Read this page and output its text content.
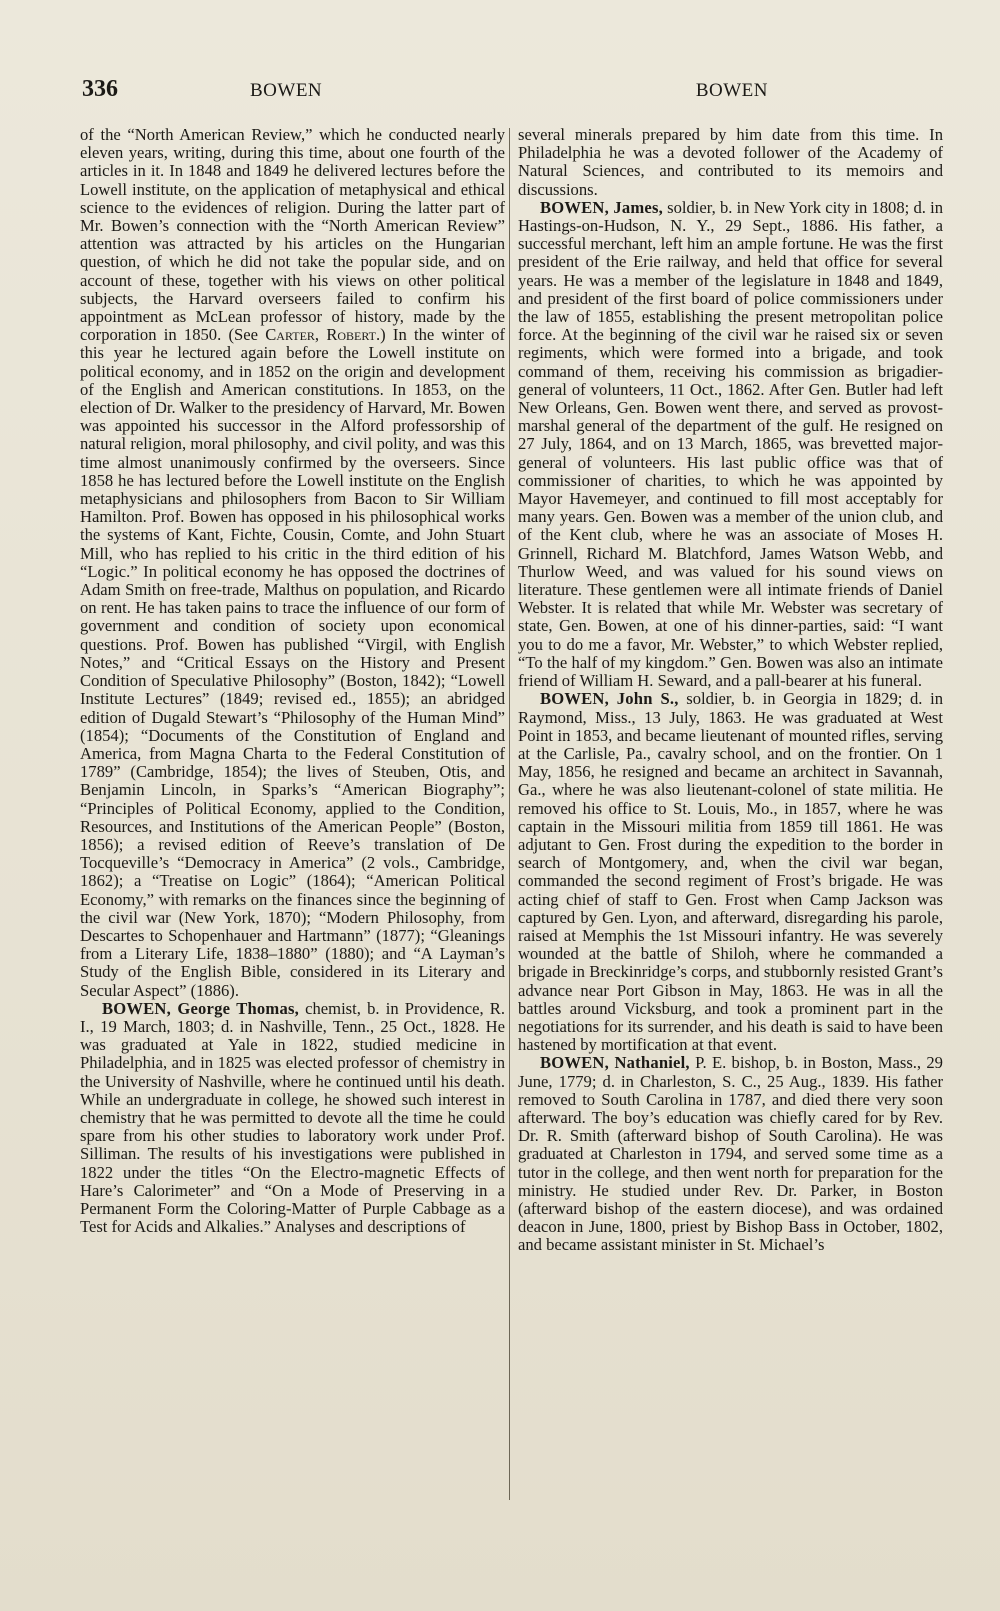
336	BOWEN	BOWEN

of the “North American Review,” which he conducted nearly eleven years, writing, during this time, about one fourth of the articles in it. In 1848 and 1849 he delivered lectures before the Lowell institute, on the application of metaphysical and ethical science to the evidences of religion. During the latter part of Mr. Bowen’s connection with the “North American Review” attention was attracted by his articles on the Hungarian question, of which he did not take the popular side, and on account of these, together with his views on other political subjects, the Harvard overseers failed to confirm his appointment as McLean professor of history, made by the corporation in 1850. (See Carter, Robert.) In the winter of this year he lectured again before the Lowell institute on political economy, and in 1852 on the origin and development of the English and American constitutions. In 1853, on the election of Dr. Walker to the presidency of Harvard, Mr. Bowen was appointed his successor in the Alford professorship of natural religion, moral philosophy, and civil polity, and was this time almost unanimously confirmed by the overseers. Since 1858 he has lectured before the Lowell institute on the English metaphysicians and philosophers from Bacon to Sir William Hamilton. Prof. Bowen has opposed in his philosophical works the systems of Kant, Fichte, Cousin, Comte, and John Stuart Mill, who has replied to his critic in the third edition of his “Logic.” In political economy he has opposed the doctrines of Adam Smith on free-trade, Malthus on population, and Ricardo on rent. He has taken pains to trace the influence of our form of government and condition of society upon economical questions. Prof. Bowen has published “Virgil, with English Notes,” and “Critical Essays on the History and Present Condition of Speculative Philosophy” (Boston, 1842); “Lowell Institute Lectures” (1849; revised ed., 1855); an abridged edition of Dugald Stewart’s “Philosophy of the Human Mind” (1854); “Documents of the Constitution of England and America, from Magna Charta to the Federal Constitution of 1789” (Cambridge, 1854); the lives of Steuben, Otis, and Benjamin Lincoln, in Sparks’s “American Biography”; “Principles of Political Economy, applied to the Condition, Resources, and Institutions of the American People” (Boston, 1856); a revised edition of Reeve’s translation of De Tocqueville’s “Democracy in America” (2 vols., Cambridge, 1862); a “Treatise on Logic” (1864); “American Political Economy,” with remarks on the finances since the beginning of the civil war (New York, 1870); “Modern Philosophy, from Descartes to Schopenhauer and Hartmann” (1877); “Gleanings from a Literary Life, 1838–1880” (1880); and “A Layman’s Study of the English Bible, considered in its Literary and Secular Aspect” (1886).

BOWEN, George Thomas, chemist, b. in Providence, R. I., 19 March, 1803; d. in Nashville, Tenn., 25 Oct., 1828. He was graduated at Yale in 1822, studied medicine in Philadelphia, and in 1825 was elected professor of chemistry in the University of Nashville, where he continued until his death. While an undergraduate in college, he showed such interest in chemistry that he was permitted to devote all the time he could spare from his other studies to laboratory work under Prof. Silliman. The results of his investigations were published in 1822 under the titles “On the Electro-magnetic Effects of Hare’s Calorimeter” and “On a Mode of Preserving in a Permanent Form the Coloring-Matter of Purple Cabbage as a Test for Acids and Alkalies.” Analyses and descriptions of

several minerals prepared by him date from this time. In Philadelphia he was a devoted follower of the Academy of Natural Sciences, and contributed to its memoirs and discussions.

BOWEN, James, soldier, b. in New York city in 1808; d. in Hastings-on-Hudson, N. Y., 29 Sept., 1886. His father, a successful merchant, left him an ample fortune. He was the first president of the Erie railway, and held that office for several years. He was a member of the legislature in 1848 and 1849, and president of the first board of police commissioners under the law of 1855, establishing the present metropolitan police force. At the beginning of the civil war he raised six or seven regiments, which were formed into a brigade, and took command of them, receiving his commission as brigadier-general of volunteers, 11 Oct., 1862. After Gen. Butler had left New Orleans, Gen. Bowen went there, and served as provost-marshal general of the department of the gulf. He resigned on 27 July, 1864, and on 13 March, 1865, was brevetted major-general of volunteers. His last public office was that of commissioner of charities, to which he was appointed by Mayor Havemeyer, and continued to fill most acceptably for many years. Gen. Bowen was a member of the union club, and of the Kent club, where he was an associate of Moses H. Grinnell, Richard M. Blatchford, James Watson Webb, and Thurlow Weed, and was valued for his sound views on literature. These gentlemen were all intimate friends of Daniel Webster. It is related that while Mr. Webster was secretary of state, Gen. Bowen, at one of his dinner-parties, said: “I want you to do me a favor, Mr. Webster,” to which Webster replied, “To the half of my kingdom.” Gen. Bowen was also an intimate friend of William H. Seward, and a pall-bearer at his funeral.

BOWEN, John S., soldier, b. in Georgia in 1829; d. in Raymond, Miss., 13 July, 1863. He was graduated at West Point in 1853, and became lieutenant of mounted rifles, serving at the Carlisle, Pa., cavalry school, and on the frontier. On 1 May, 1856, he resigned and became an architect in Savannah, Ga., where he was also lieutenant-colonel of state militia. He removed his office to St. Louis, Mo., in 1857, where he was captain in the Missouri militia from 1859 till 1861. He was adjutant to Gen. Frost during the expedition to the border in search of Montgomery, and, when the civil war began, commanded the second regiment of Frost’s brigade. He was acting chief of staff to Gen. Frost when Camp Jackson was captured by Gen. Lyon, and afterward, disregarding his parole, raised at Memphis the 1st Missouri infantry. He was severely wounded at the battle of Shiloh, where he commanded a brigade in Breckinridge’s corps, and stubbornly resisted Grant’s advance near Port Gibson in May, 1863. He was in all the battles around Vicksburg, and took a prominent part in the negotiations for its surrender, and his death is said to have been hastened by mortification at that event.

BOWEN, Nathaniel, P. E. bishop, b. in Boston, Mass., 29 June, 1779; d. in Charleston, S. C., 25 Aug., 1839. His father removed to South Carolina in 1787, and died there very soon afterward. The boy’s education was chiefly cared for by Rev. Dr. R. Smith (afterward bishop of South Carolina). He was graduated at Charleston in 1794, and served some time as a tutor in the college, and then went north for preparation for the ministry. He studied under Rev. Dr. Parker, in Boston (afterward bishop of the eastern diocese), and was ordained deacon in June, 1800, priest by Bishop Bass in October, 1802, and became assistant minister in St. Michael’s
